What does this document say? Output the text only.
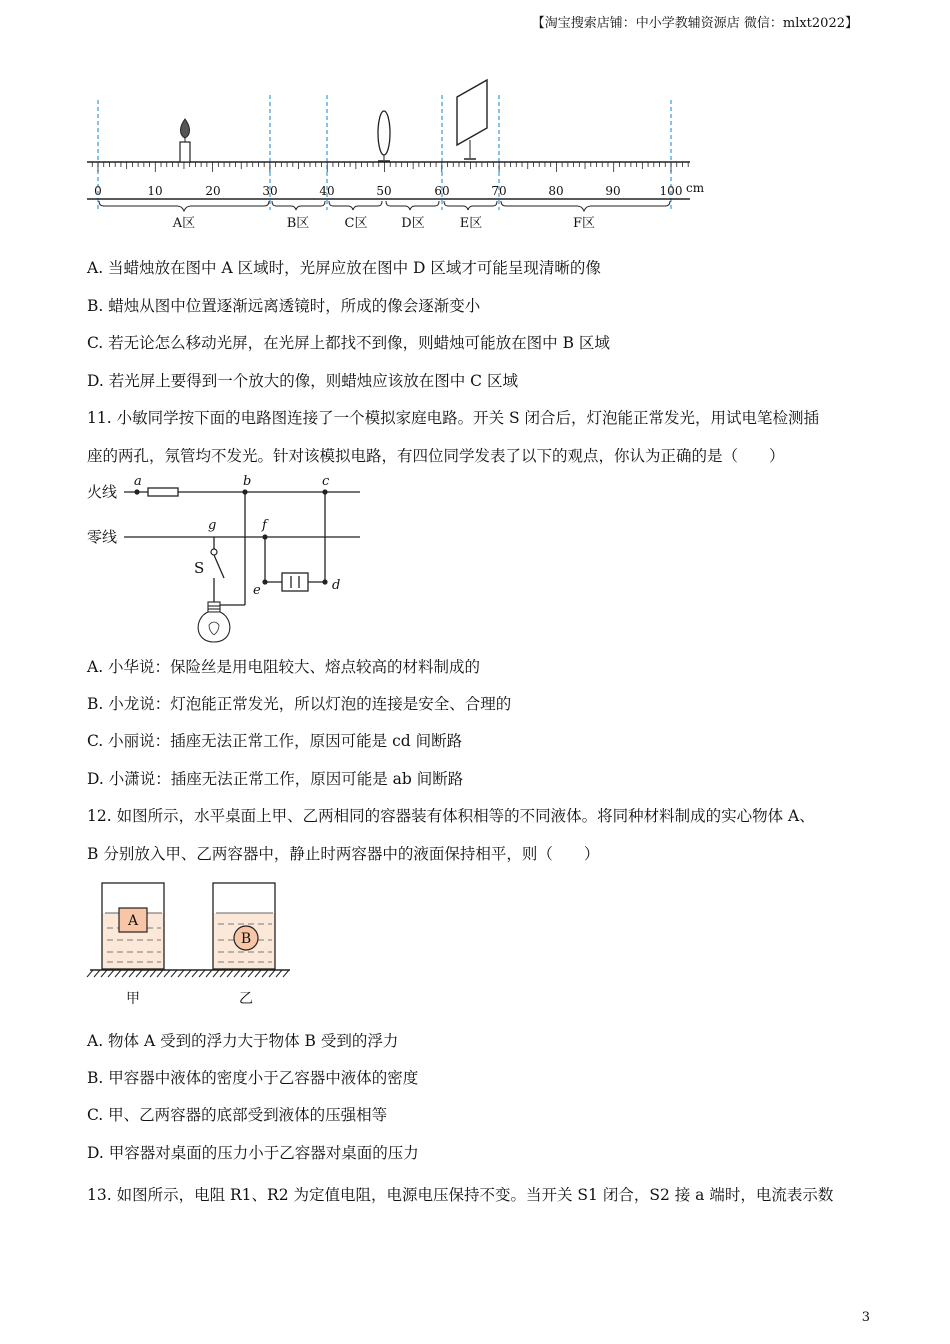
【淘宝搜索店铺：中小学教辅资源店 微信：mlxt2022】
0	10	20	30	40	50	60	70	80	90	100 cm
A区	B区	C区	D区	E区	F区
A. 当蜡烛放在图中 A 区域时，光屏应放在图中 D 区域才可能呈现清晰的像
B. 蜡烛从图中位置逐渐远离透镜时，所成的像会逐渐变小
C. 若无论怎么移动光屏，在光屏上都找不到像，则蜡烛可能放在图中 B 区域
D. 若光屏上要得到一个放大的像，则蜡烛应该放在图中 C 区域
11. 小敏同学按下面的电路图连接了一个模拟家庭电路。开关 S 闭合后，灯泡能正常发光，用试电笔检测插
座的两孔，氖管均不发光。针对该模拟电路，有四位同学发表了以下的观点，你认为正确的是（　　）
火线
零线
S
a	b	c
g	f
e	d
A. 小华说：保险丝是用电阻较大、熔点较高的材料制成的
B. 小龙说：灯泡能正常发光，所以灯泡的连接是安全、合理的
C. 小丽说：插座无法正常工作，原因可能是 cd 间断路
D. 小潇说：插座无法正常工作，原因可能是 ab 间断路
12. 如图所示，水平桌面上甲、乙两相同的容器装有体积相等的不同液体。将同种材料制成的实心物体 A、
B 分别放入甲、乙两容器中，静止时两容器中的液面保持相平，则（　　）
A
B
甲	乙
A. 物体 A 受到的浮力大于物体 B 受到的浮力
B. 甲容器中液体的密度小于乙容器中液体的密度
C. 甲、乙两容器的底部受到液体的压强相等
D. 甲容器对桌面的压力小于乙容器对桌面的压力
13. 如图所示，电阻 R1、R2 为定值电阻，电源电压保持不变。当开关 S1 闭合，S2 接 a 端时，电流表示数
3
